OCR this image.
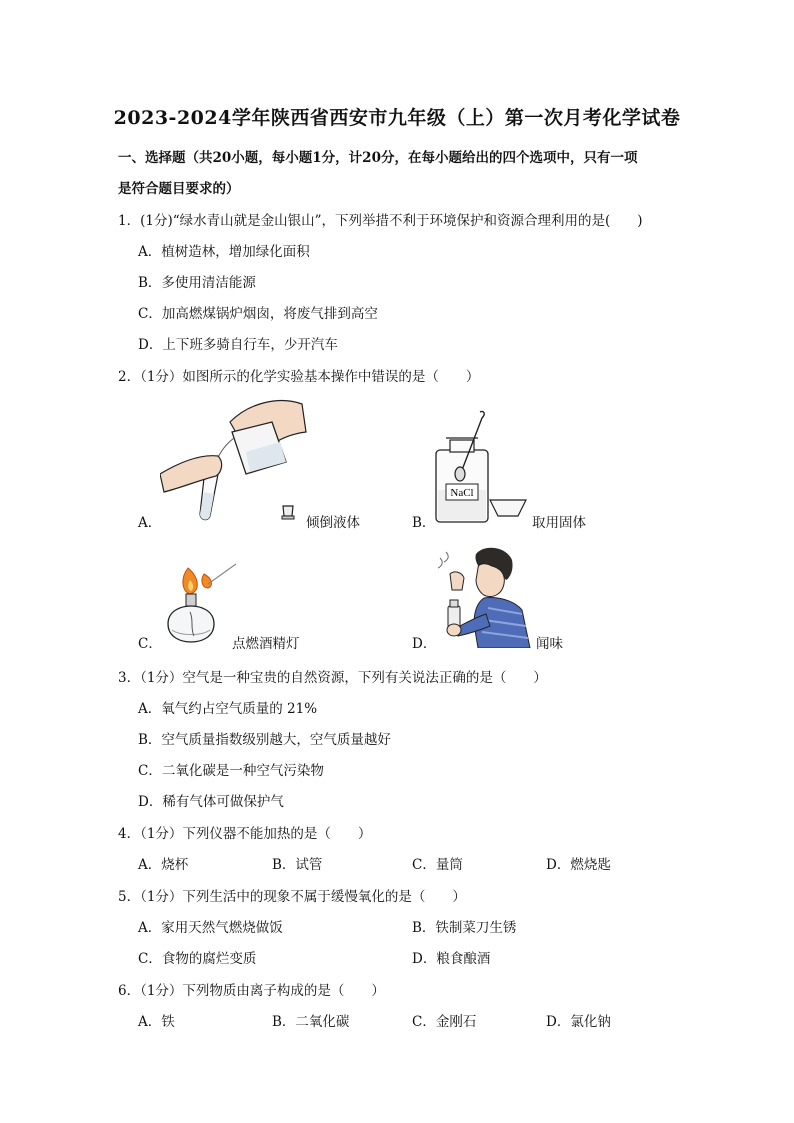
2023-2024学年陕西省西安市九年级（上）第一次月考化学试卷
一、选择题（共20小题，每小题1分，计20分，在每小题给出的四个选项中，只有一项
是符合题目要求的）
1．(1分)“绿水青山就是金山银山”，下列举措不利于环境保护和资源合理利用的是(　　)
A．植树造林，增加绿化面积
B．多使用清洁能源
C．加高燃煤锅炉烟囱，将废气排到高空
D．上下班多骑自行车，少开汽车
2．（1分）如图所示的化学实验基本操作中错误的是（　　）
A．	倾倒液体	B．
NaCl
取用固体
C．	点燃酒精灯	D．	闻味
3．（1分）空气是一种宝贵的自然资源，下列有关说法正确的是（　　）
A．氧气约占空气质量的 21%
B．空气质量指数级别越大，空气质量越好
C．二氧化碳是一种空气污染物
D．稀有气体可做保护气
4．（1分）下列仪器不能加热的是（　　）
A．烧杯	B．试管	C．量筒	D．燃烧匙
5．（1分）下列生活中的现象不属于缓慢氧化的是（　　）
A．家用天然气燃烧做饭	B．铁制菜刀生锈
C．食物的腐烂变质	D．粮食酿酒
6．（1分）下列物质由离子构成的是（　　）
A．铁	B．二氧化碳	C．金刚石	D．氯化钠
